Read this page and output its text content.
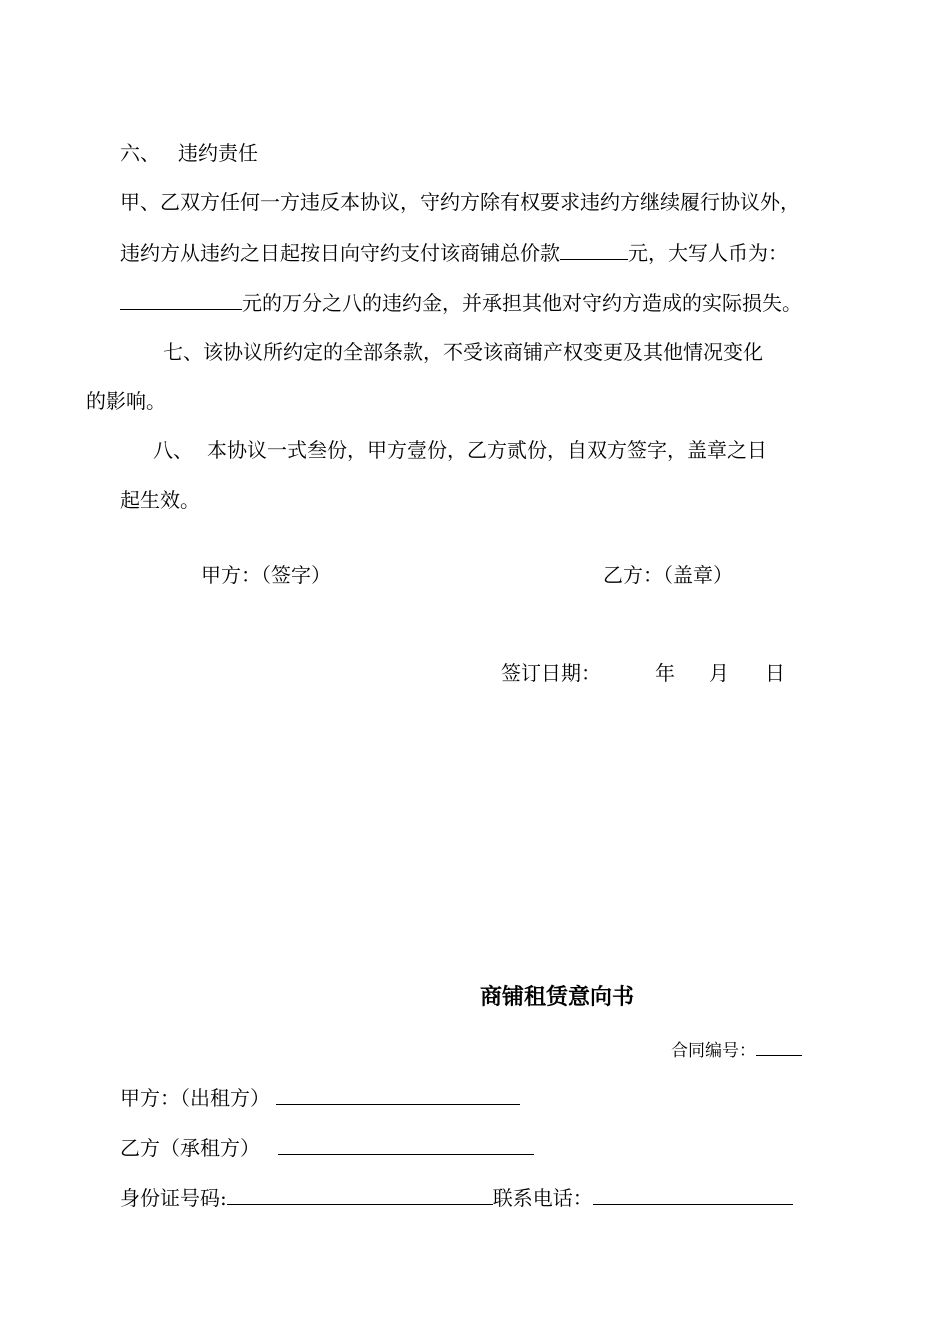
六、 违约责任
甲、乙双方任何一方违反本协议，守约方除有权要求违约方继续履行协议外，
违约方从违约之日起按日向守约支付该商铺总价款	元，大写人币为：
元的万分之八的违约金，并承担其他对守约方造成的实际损失。
七、该协议所约定的全部条款，不受该商铺产权变更及其他情况变化
的影响。
八、 本协议一式叁份，甲方壹份，乙方贰份，自双方签字，盖章之日
起生效。
甲方：（签字）	乙方：（盖章）
签订日期：	年 月 日
商铺租赁意向书
合同编号：
甲方：（出租方）
乙方（承租方）
身份证号码:	联系电话：
